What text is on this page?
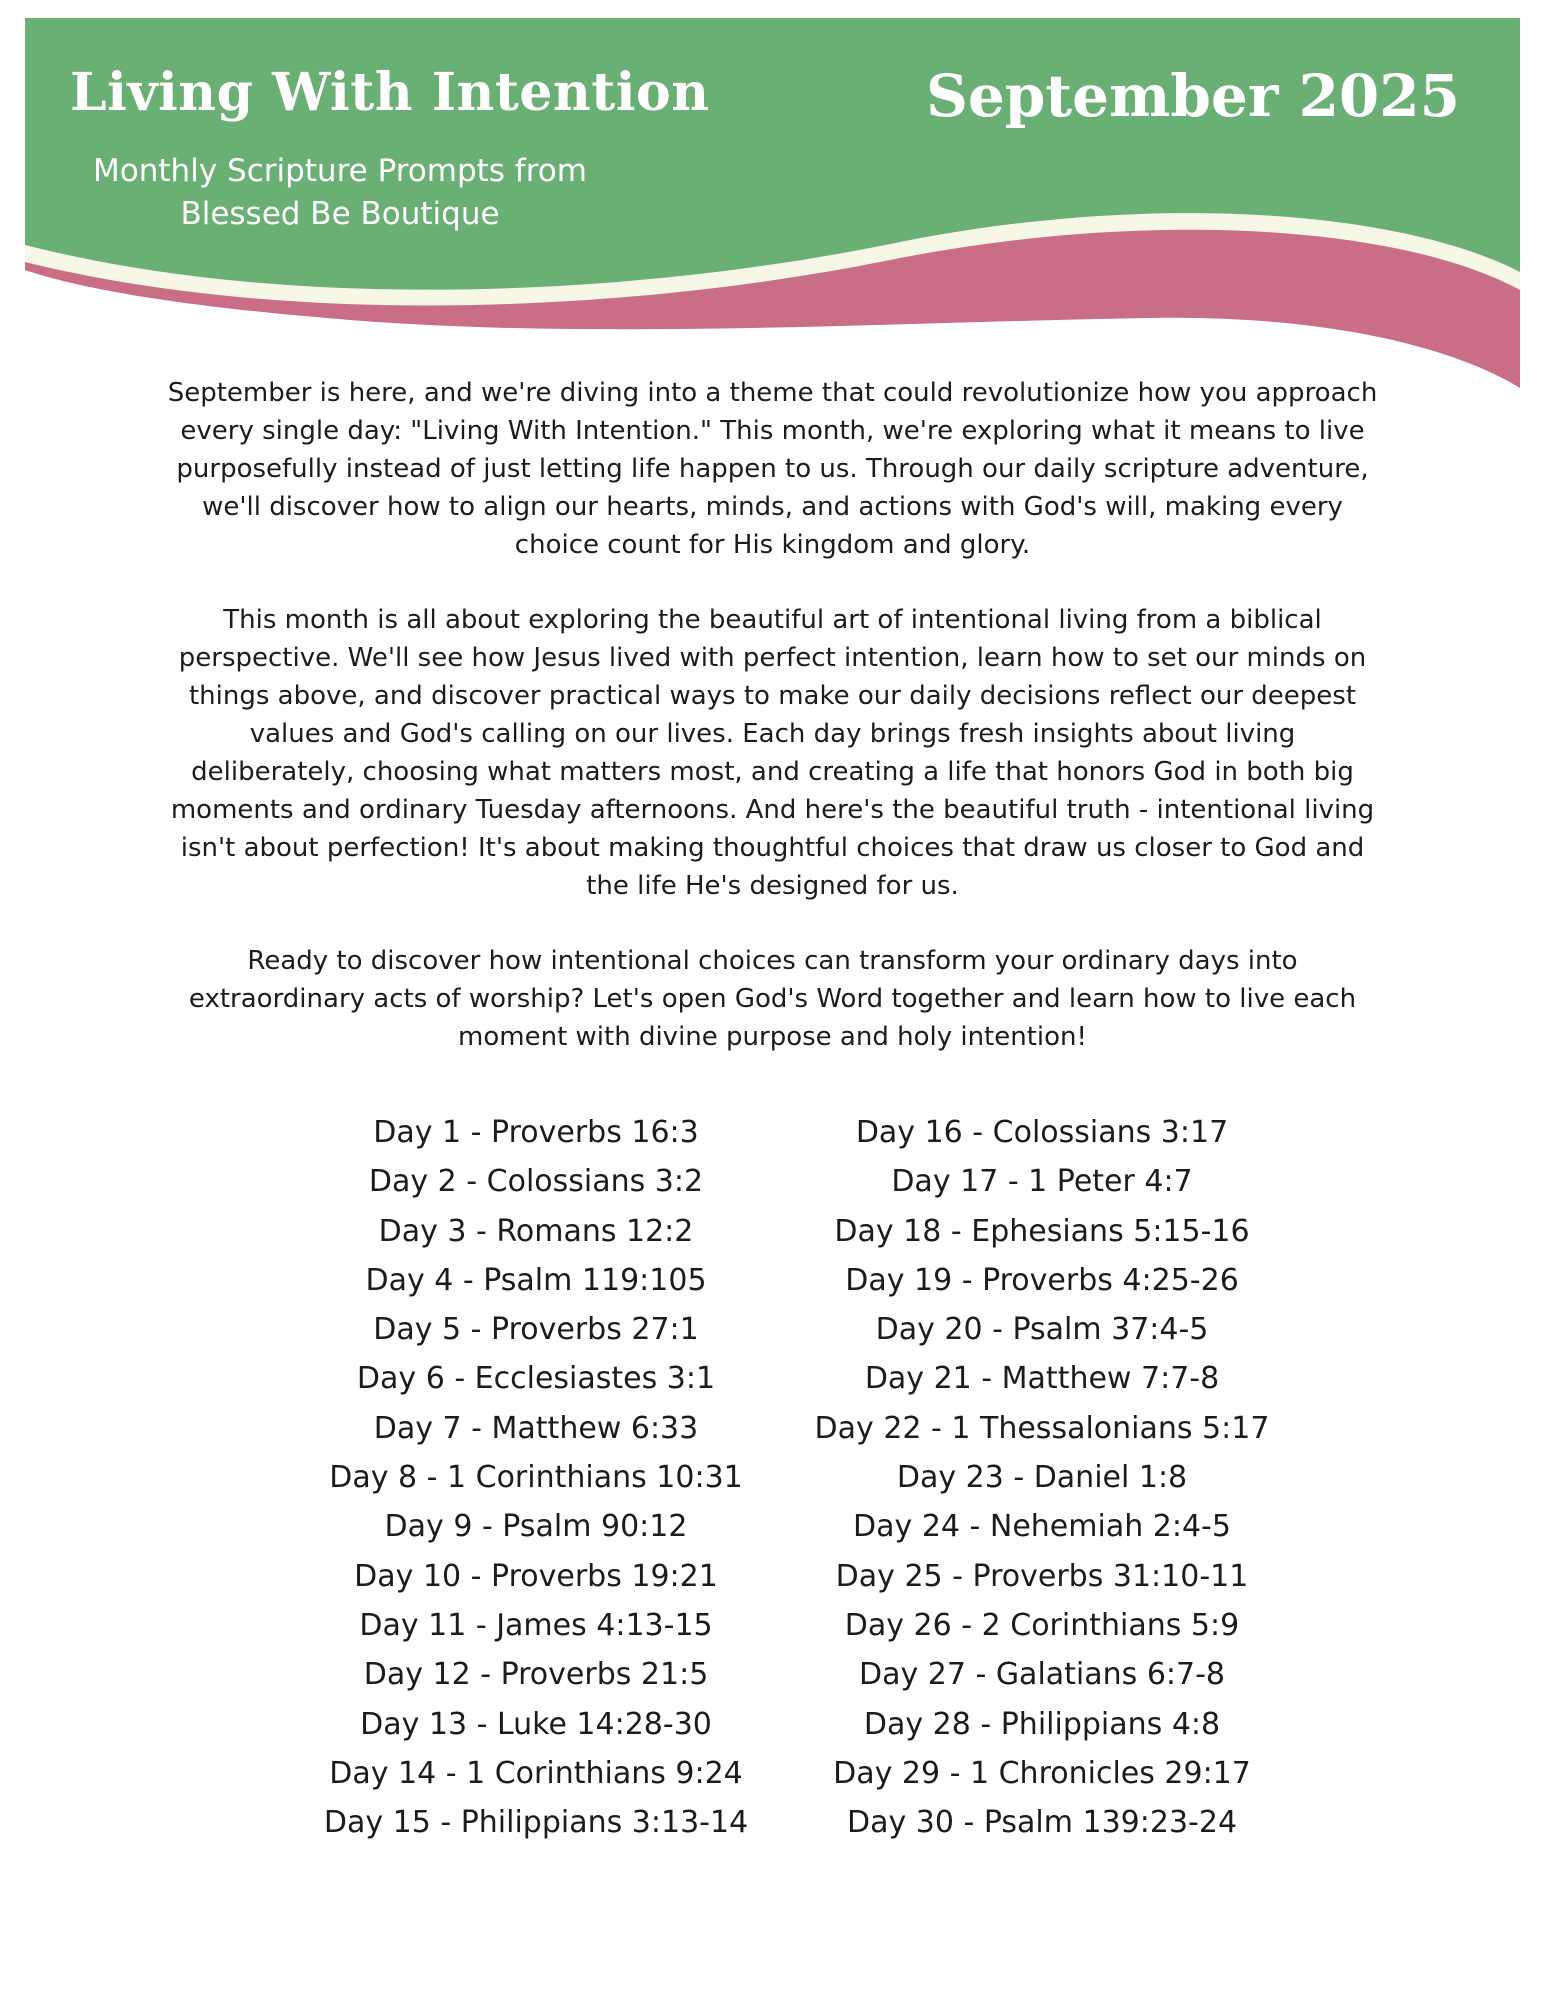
Living With Intention
Monthly Scripture Prompts from
Blessed Be Boutique
September 2025

September is here, and we're diving into a theme that could revolutionize how you approach every single day: "Living With Intention." This month, we're exploring what it means to live purposefully instead of just letting life happen to us. Through our daily scripture adventure, we'll discover how to align our hearts, minds, and actions with God's will, making every choice count for His kingdom and glory.

This month is all about exploring the beautiful art of intentional living from a biblical perspective. We'll see how Jesus lived with perfect intention, learn how to set our minds on things above, and discover practical ways to make our daily decisions reflect our deepest values and God's calling on our lives. Each day brings fresh insights about living deliberately, choosing what matters most, and creating a life that honors God in both big moments and ordinary Tuesday afternoons. And here's the beautiful truth - intentional living isn't about perfection! It's about making thoughtful choices that draw us closer to God and the life He's designed for us.

Ready to discover how intentional choices can transform your ordinary days into extraordinary acts of worship? Let's open God's Word together and learn how to live each moment with divine purpose and holy intention!

Day 1 - Proverbs 16:3
Day 2 - Colossians 3:2
Day 3 - Romans 12:2
Day 4 - Psalm 119:105
Day 5 - Proverbs 27:1
Day 6 - Ecclesiastes 3:1
Day 7 - Matthew 6:33
Day 8 - 1 Corinthians 10:31
Day 9 - Psalm 90:12
Day 10 - Proverbs 19:21
Day 11 - James 4:13-15
Day 12 - Proverbs 21:5
Day 13 - Luke 14:28-30
Day 14 - 1 Corinthians 9:24
Day 15 - Philippians 3:13-14
Day 16 - Colossians 3:17
Day 17 - 1 Peter 4:7
Day 18 - Ephesians 5:15-16
Day 19 - Proverbs 4:25-26
Day 20 - Psalm 37:4-5
Day 21 - Matthew 7:7-8
Day 22 - 1 Thessalonians 5:17
Day 23 - Daniel 1:8
Day 24 - Nehemiah 2:4-5
Day 25 - Proverbs 31:10-11
Day 26 - 2 Corinthians 5:9
Day 27 - Galatians 6:7-8
Day 28 - Philippians 4:8
Day 29 - 1 Chronicles 29:17
Day 30 - Psalm 139:23-24
